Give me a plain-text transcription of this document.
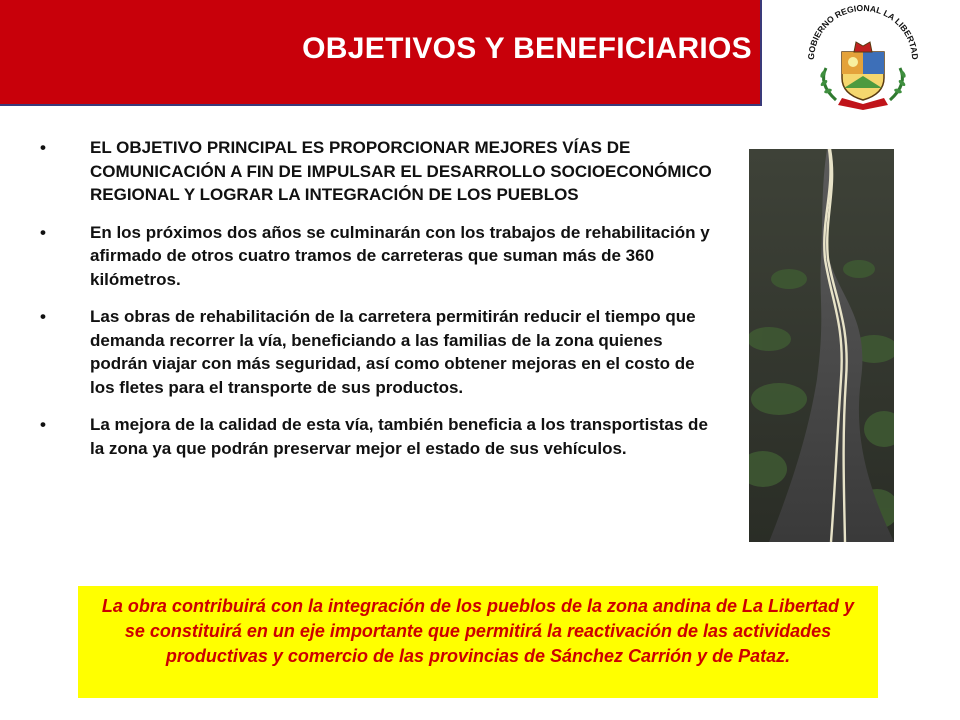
OBJETIVOS Y BENEFICIARIOS	GOBIERNO REGIONAL LA LIBERTAD
•	EL OBJETIVO PRINCIPAL ES PROPORCIONAR MEJORES VÍAS DE COMUNICACIÓN A FIN DE IMPULSAR EL DESARROLLO SOCIOECONÓMICO REGIONAL Y LOGRAR LA INTEGRACIÓN DE LOS PUEBLOS
•	En los próximos dos años se culminarán con los trabajos de rehabilitación y afirmado de otros cuatro tramos de carreteras que suman más de 360 kilómetros.
•	Las obras de rehabilitación de la carretera permitirán reducir el tiempo que demanda recorrer la vía, beneficiando a las familias de la zona quienes podrán viajar con más seguridad, así como obtener mejoras en el costo de los fletes para el transporte de sus productos.
•	La mejora de la calidad de esta vía, también beneficia a los transportistas de la zona ya que podrán preservar mejor el estado de sus vehículos.
La obra contribuirá con la integración de los pueblos de la zona andina de La Libertad y se constituirá en un eje importante que permitirá la reactivación de las actividades productivas y comercio de las provincias de Sánchez Carrión y de Pataz.
